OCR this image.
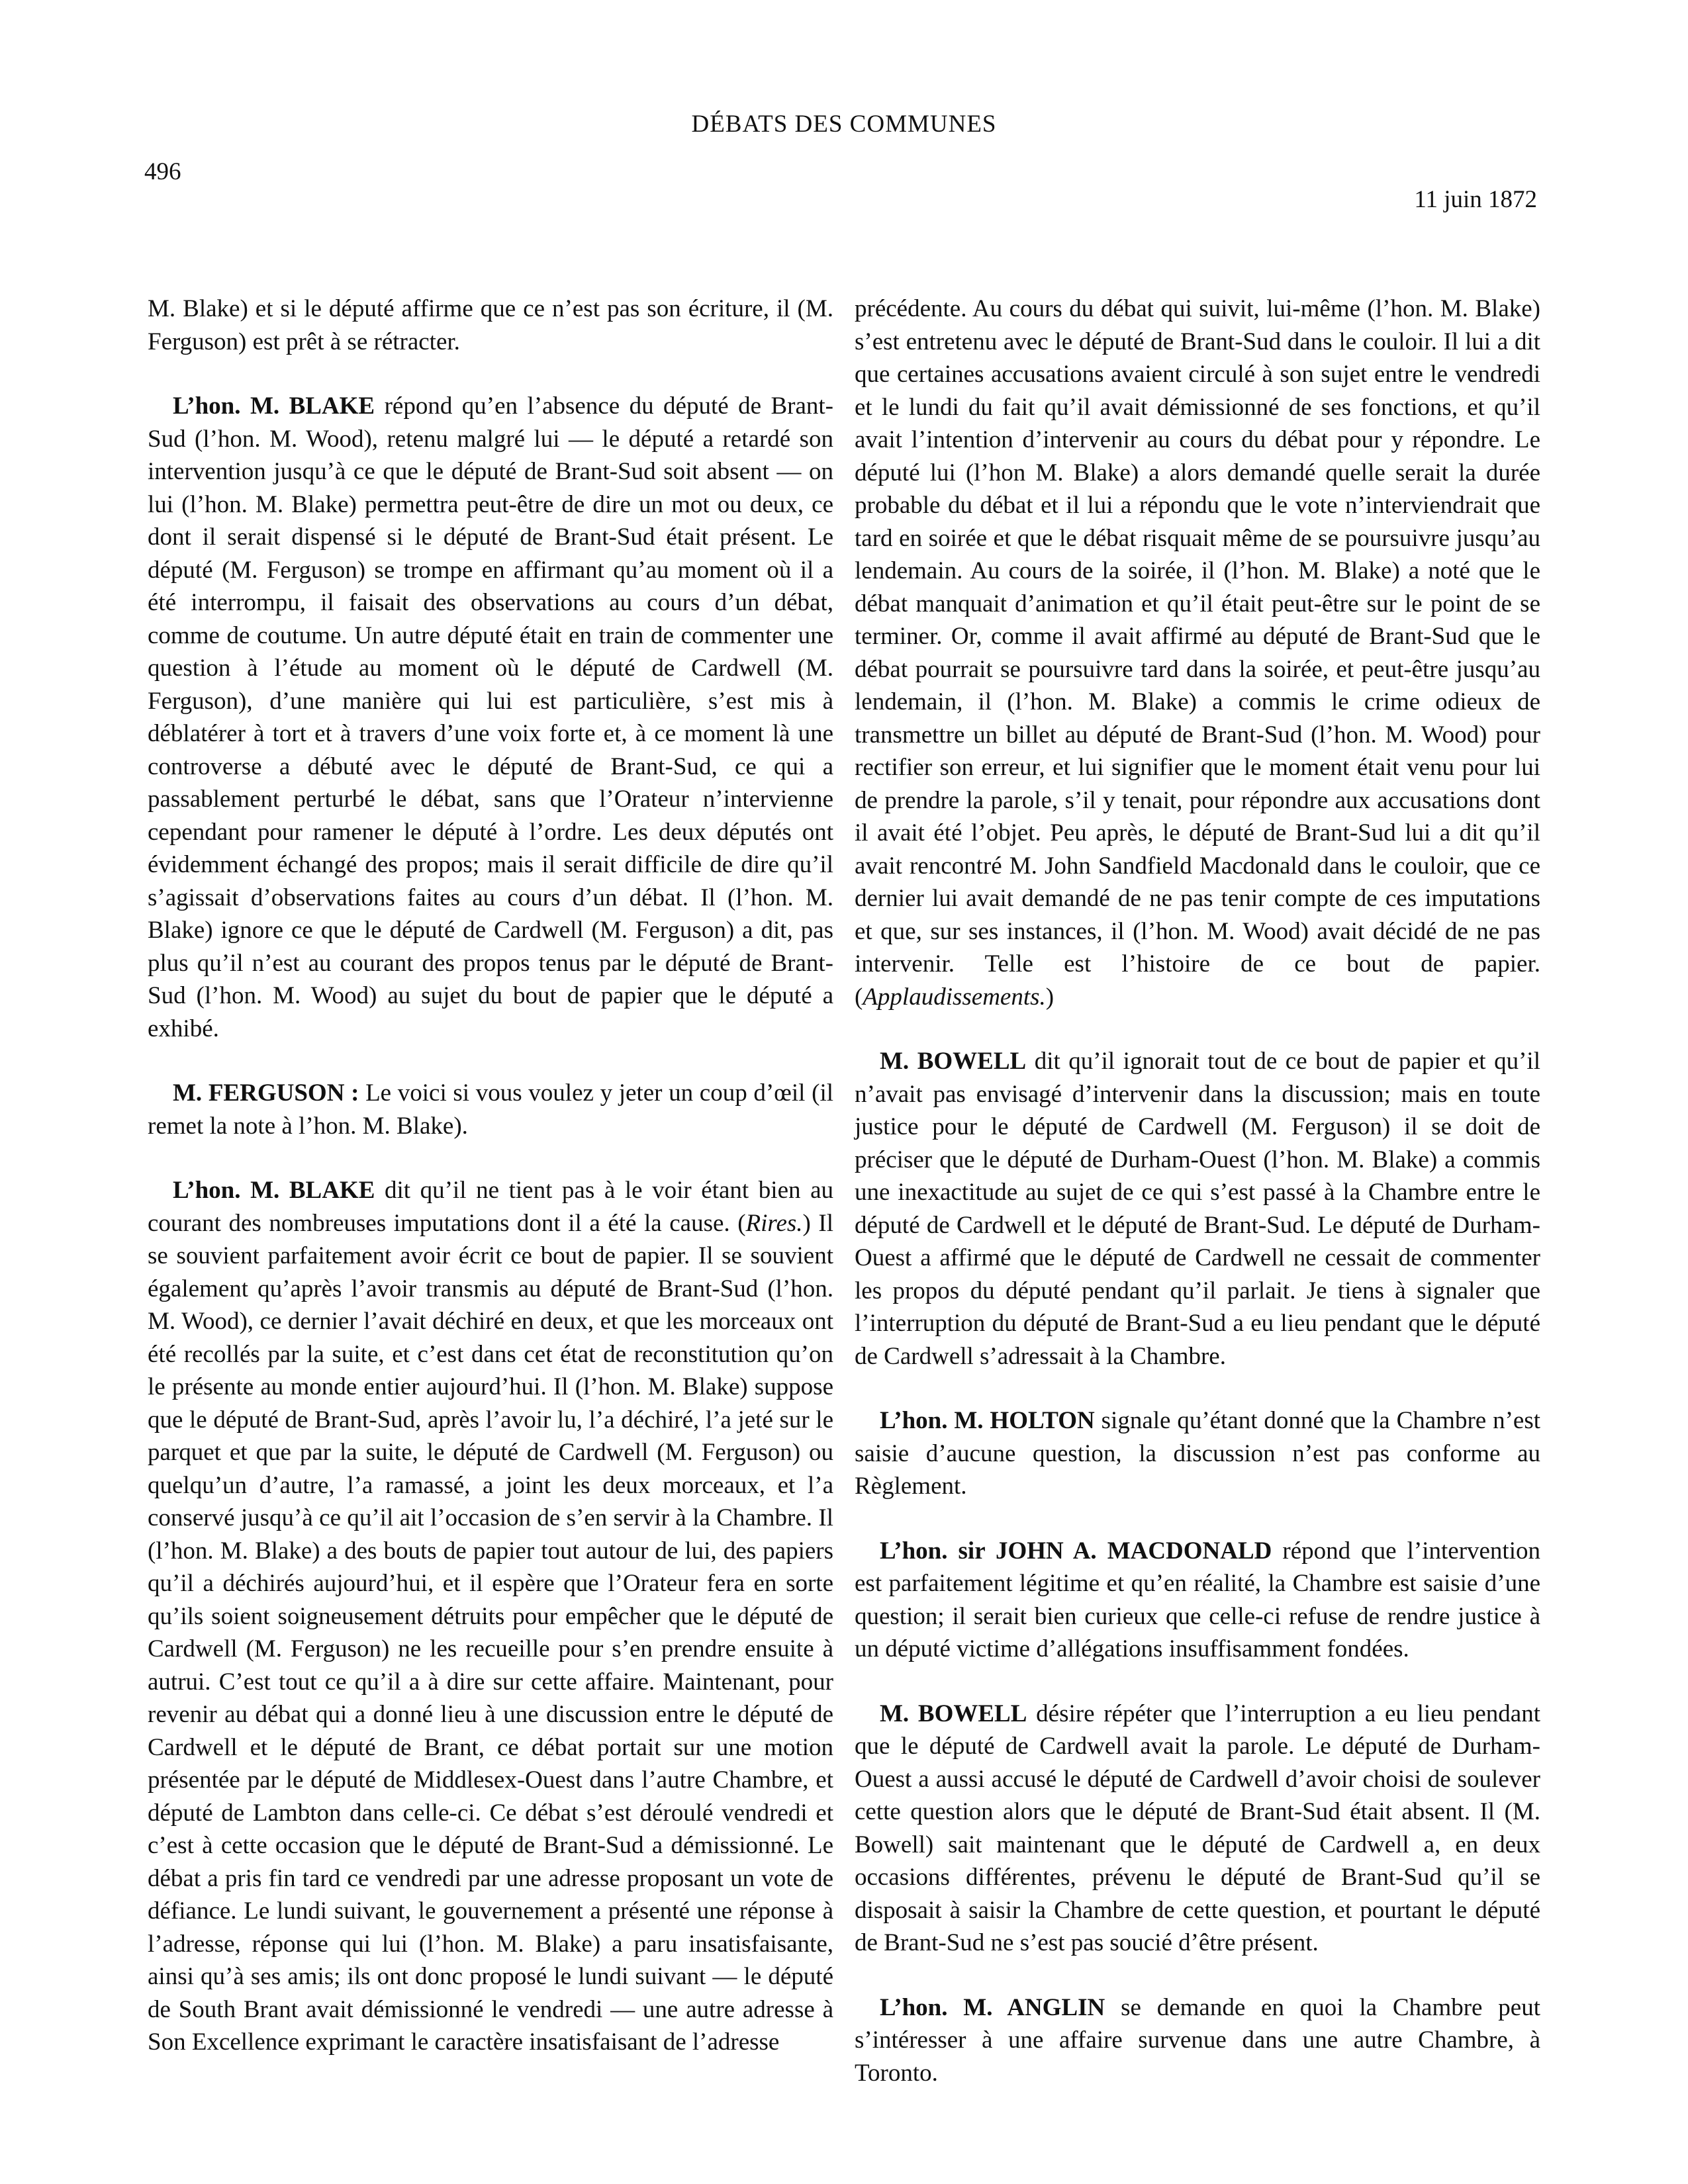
DÉBATS DES COMMUNES
496
11 juin 1872

M. Blake) et si le député affirme que ce n’est pas son écriture, il (M. Ferguson) est prêt à se rétracter.

L’hon. M. BLAKE répond qu’en l’absence du député de Brant-Sud (l’hon. M. Wood), retenu malgré lui — le député a retardé son intervention jusqu’à ce que le député de Brant-Sud soit absent — on lui (l’hon. M. Blake) permettra peut-être de dire un mot ou deux, ce dont il serait dispensé si le député de Brant-Sud était présent. Le député (M. Ferguson) se trompe en affirmant qu’au moment où il a été interrompu, il faisait des observations au cours d’un débat, comme de coutume. Un autre député était en train de commenter une question à l’étude au moment où le député de Cardwell (M. Ferguson), d’une manière qui lui est particulière, s’est mis à déblatérer à tort et à travers d’une voix forte et, à ce moment là une controverse a débuté avec le député de Brant-Sud, ce qui a passablement perturbé le débat, sans que l’Orateur n’intervienne cependant pour ramener le député à l’ordre. Les deux députés ont évidemment échangé des propos; mais il serait difficile de dire qu’il s’agissait d’observations faites au cours d’un débat. Il (l’hon. M. Blake) ignore ce que le député de Cardwell (M. Ferguson) a dit, pas plus qu’il n’est au courant des propos tenus par le député de Brant-Sud (l’hon. M. Wood) au sujet du bout de papier que le député a exhibé.

M. FERGUSON : Le voici si vous voulez y jeter un coup d’œil (il remet la note à l’hon. M. Blake).

L’hon. M. BLAKE dit qu’il ne tient pas à le voir étant bien au courant des nombreuses imputations dont il a été la cause. (Rires.) Il se souvient parfaitement avoir écrit ce bout de papier. Il se souvient également qu’après l’avoir transmis au député de Brant-Sud (l’hon. M. Wood), ce dernier l’avait déchiré en deux, et que les morceaux ont été recollés par la suite, et c’est dans cet état de reconstitution qu’on le présente au monde entier aujourd’hui. Il (l’hon. M. Blake) suppose que le député de Brant-Sud, après l’avoir lu, l’a déchiré, l’a jeté sur le parquet et que par la suite, le député de Cardwell (M. Ferguson) ou quelqu’un d’autre, l’a ramassé, a joint les deux morceaux, et l’a conservé jusqu’à ce qu’il ait l’occasion de s’en servir à la Chambre. Il (l’hon. M. Blake) a des bouts de papier tout autour de lui, des papiers qu’il a déchirés aujourd’hui, et il espère que l’Orateur fera en sorte qu’ils soient soigneusement détruits pour empêcher que le député de Cardwell (M. Ferguson) ne les recueille pour s’en prendre ensuite à autrui. C’est tout ce qu’il a à dire sur cette affaire. Maintenant, pour revenir au débat qui a donné lieu à une discussion entre le député de Cardwell et le député de Brant, ce débat portait sur une motion présentée par le député de Middlesex-Ouest dans l’autre Chambre, et député de Lambton dans celle-ci. Ce débat s’est déroulé vendredi et c’est à cette occasion que le député de Brant-Sud a démissionné. Le débat a pris fin tard ce vendredi par une adresse proposant un vote de défiance. Le lundi suivant, le gouvernement a présenté une réponse à l’adresse, réponse qui lui (l’hon. M. Blake) a paru insatisfaisante, ainsi qu’à ses amis; ils ont donc proposé le lundi suivant — le député de South Brant avait démissionné le vendredi — une autre adresse à Son Excellence exprimant le caractère insatisfaisant de l’adresse

précédente. Au cours du débat qui suivit, lui-même (l’hon. M. Blake) s’est entretenu avec le député de Brant-Sud dans le couloir. Il lui a dit que certaines accusations avaient circulé à son sujet entre le vendredi et le lundi du fait qu’il avait démissionné de ses fonctions, et qu’il avait l’intention d’intervenir au cours du débat pour y répondre. Le député lui (l’hon M. Blake) a alors demandé quelle serait la durée probable du débat et il lui a répondu que le vote n’interviendrait que tard en soirée et que le débat risquait même de se poursuivre jusqu’au lendemain. Au cours de la soirée, il (l’hon. M. Blake) a noté que le débat manquait d’animation et qu’il était peut-être sur le point de se terminer. Or, comme il avait affirmé au député de Brant-Sud que le débat pourrait se poursuivre tard dans la soirée, et peut-être jusqu’au lendemain, il (l’hon. M. Blake) a commis le crime odieux de transmettre un billet au député de Brant-Sud (l’hon. M. Wood) pour rectifier son erreur, et lui signifier que le moment était venu pour lui de prendre la parole, s’il y tenait, pour répondre aux accusations dont il avait été l’objet. Peu après, le député de Brant-Sud lui a dit qu’il avait rencontré M. John Sandfield Macdonald dans le couloir, que ce dernier lui avait demandé de ne pas tenir compte de ces imputations et que, sur ses instances, il (l’hon. M. Wood) avait décidé de ne pas intervenir. Telle est l’histoire de ce bout de papier. (Applaudissements.)

M. BOWELL dit qu’il ignorait tout de ce bout de papier et qu’il n’avait pas envisagé d’intervenir dans la discussion; mais en toute justice pour le député de Cardwell (M. Ferguson) il se doit de préciser que le député de Durham-Ouest (l’hon. M. Blake) a commis une inexactitude au sujet de ce qui s’est passé à la Chambre entre le député de Cardwell et le député de Brant-Sud. Le député de Durham-Ouest a affirmé que le député de Cardwell ne cessait de commenter les propos du député pendant qu’il parlait. Je tiens à signaler que l’interruption du député de Brant-Sud a eu lieu pendant que le député de Cardwell s’adressait à la Chambre.

L’hon. M. HOLTON signale qu’étant donné que la Chambre n’est saisie d’aucune question, la discussion n’est pas conforme au Règlement.

L’hon. sir JOHN A. MACDONALD répond que l’intervention est parfaitement légitime et qu’en réalité, la Chambre est saisie d’une question; il serait bien curieux que celle-ci refuse de rendre justice à un député victime d’allégations insuffisamment fondées.

M. BOWELL désire répéter que l’interruption a eu lieu pendant que le député de Cardwell avait la parole. Le député de Durham-Ouest a aussi accusé le député de Cardwell d’avoir choisi de soulever cette question alors que le député de Brant-Sud était absent. Il (M. Bowell) sait maintenant que le député de Cardwell a, en deux occasions différentes, prévenu le député de Brant-Sud qu’il se disposait à saisir la Chambre de cette question, et pourtant le député de Brant-Sud ne s’est pas soucié d’être présent.

L’hon. M. ANGLIN se demande en quoi la Chambre peut s’intéresser à une affaire survenue dans une autre Chambre, à Toronto.
